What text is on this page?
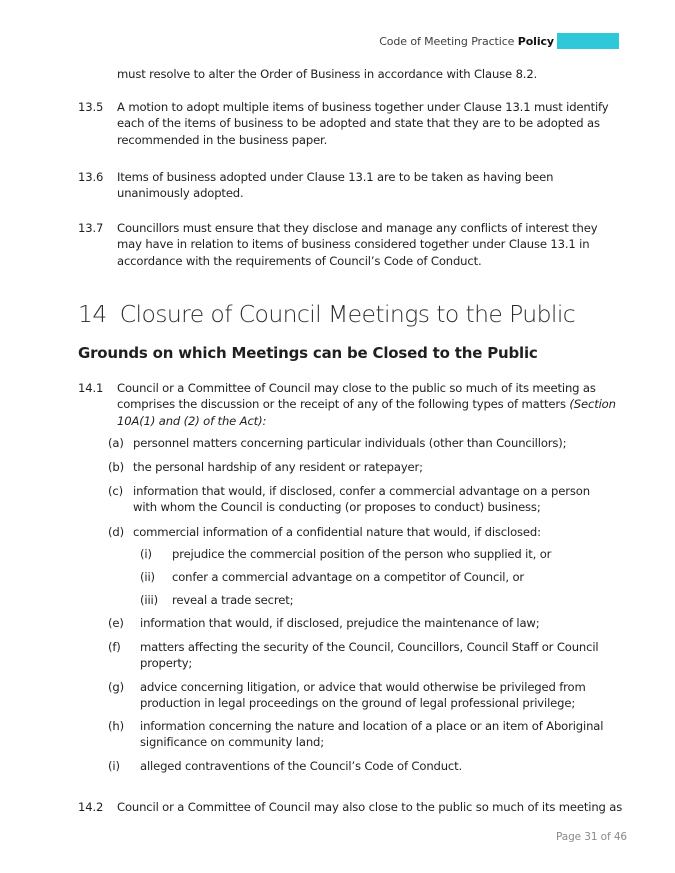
Code of Meeting Practice Policy
must resolve to alter the Order of Business in accordance with Clause 8.2.
13.5 A motion to adopt multiple items of business together under Clause 13.1 must identify each of the items of business to be adopted and state that they are to be adopted as recommended in the business paper.
13.6 Items of business adopted under Clause 13.1 are to be taken as having been unanimously adopted.
13.7 Councillors must ensure that they disclose and manage any conflicts of interest they may have in relation to items of business considered together under Clause 13.1 in accordance with the requirements of Council’s Code of Conduct.
14 Closure of Council Meetings to the Public
Grounds on which Meetings can be Closed to the Public
14.1 Council or a Committee of Council may close to the public so much of its meeting as comprises the discussion or the receipt of any of the following types of matters (Section 10A(1) and (2) of the Act):
(a) personnel matters concerning particular individuals (other than Councillors);
(b) the personal hardship of any resident or ratepayer;
(c) information that would, if disclosed, confer a commercial advantage on a person with whom the Council is conducting (or proposes to conduct) business;
(d) commercial information of a confidential nature that would, if disclosed:
(i) prejudice the commercial position of the person who supplied it, or
(ii) confer a commercial advantage on a competitor of Council, or
(iii) reveal a trade secret;
(e) information that would, if disclosed, prejudice the maintenance of law;
(f) matters affecting the security of the Council, Councillors, Council Staff or Council property;
(g) advice concerning litigation, or advice that would otherwise be privileged from production in legal proceedings on the ground of legal professional privilege;
(h) information concerning the nature and location of a place or an item of Aboriginal significance on community land;
(i) alleged contraventions of the Council’s Code of Conduct.
14.2 Council or a Committee of Council may also close to the public so much of its meeting as
Page 31 of 46
